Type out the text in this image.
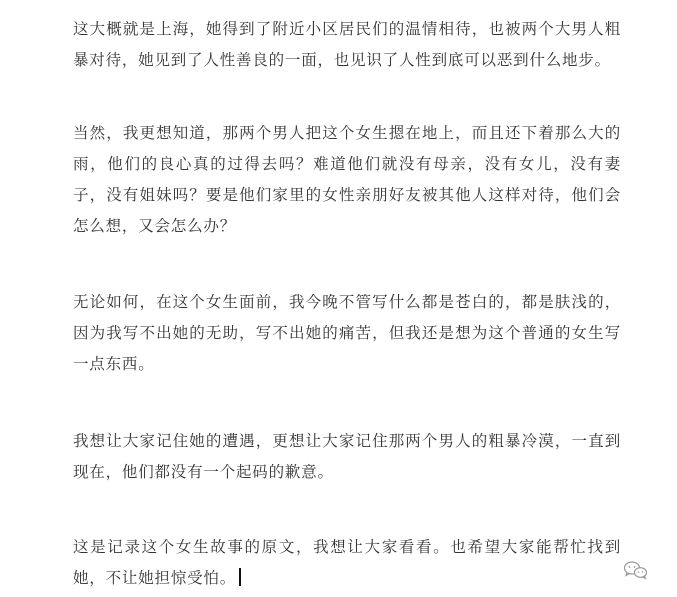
这大概就是上海，她得到了附近小区居民们的温情相待，也被两个大男人粗暴对待，她见到了人性善良的一面，也见识了人性到底可以恶到什么地步。

当然，我更想知道，那两个男人把这个女生摁在地上，而且还下着那么大的雨，他们的良心真的过得去吗？难道他们就没有母亲，没有女儿，没有妻子，没有姐妹吗？要是他们家里的女性亲朋好友被其他人这样对待，他们会怎么想，又会怎么办？

无论如何，在这个女生面前，我今晚不管写什么都是苍白的，都是肤浅的，因为我写不出她的无助，写不出她的痛苦，但我还是想为这个普通的女生写一点东西。

我想让大家记住她的遭遇，更想让大家记住那两个男人的粗暴冷漠，一直到现在，他们都没有一个起码的歉意。

这是记录这个女生故事的原文，我想让大家看看。也希望大家能帮忙找到她，不让她担惊受怕。
